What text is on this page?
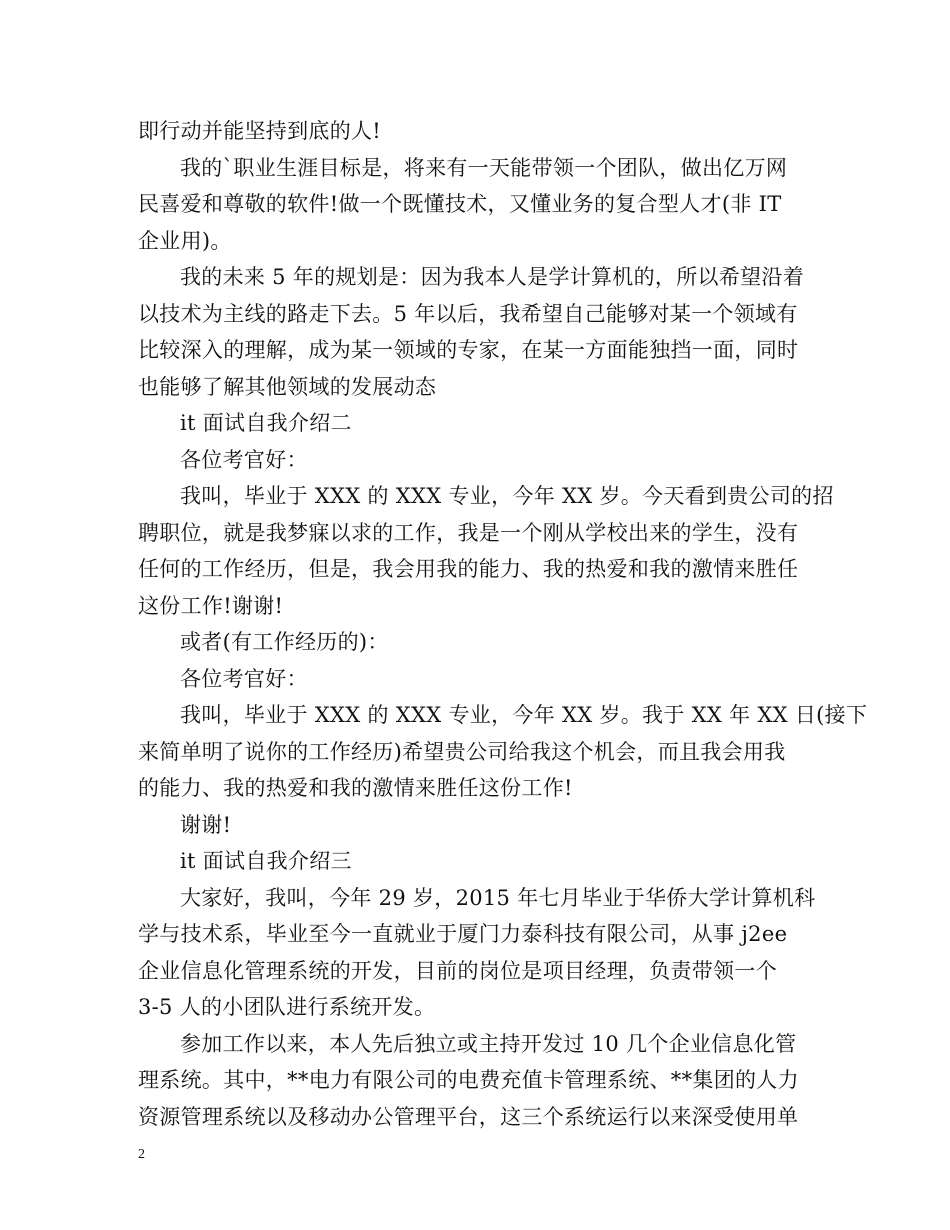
即行动并能坚持到底的人!
我的`职业生涯目标是，将来有一天能带领一个团队，做出亿万网
民喜爱和尊敬的软件!做一个既懂技术，又懂业务的复合型人才(非 IT
企业用)。
我的未来 5 年的规划是：因为我本人是学计算机的，所以希望沿着
以技术为主线的路走下去。5 年以后，我希望自己能够对某一个领域有
比较深入的理解，成为某一领域的专家，在某一方面能独挡一面，同时
也能够了解其他领域的发展动态
it 面试自我介绍二
各位考官好：
我叫，毕业于 XXX 的 XXX 专业，今年 XX 岁。今天看到贵公司的招
聘职位，就是我梦寐以求的工作，我是一个刚从学校出来的学生，没有
任何的工作经历，但是，我会用我的能力、我的热爱和我的激情来胜任
这份工作!谢谢!
或者(有工作经历的)：
各位考官好：
我叫，毕业于 XXX 的 XXX 专业，今年 XX 岁。我于 XX 年 XX 日(接下
来简单明了说你的工作经历)希望贵公司给我这个机会，而且我会用我
的能力、我的热爱和我的激情来胜任这份工作!
谢谢!
it 面试自我介绍三
大家好，我叫，今年 29 岁，2015 年七月毕业于华侨大学计算机科
学与技术系，毕业至今一直就业于厦门力泰科技有限公司，从事 j2ee
企业信息化管理系统的开发，目前的岗位是项目经理，负责带领一个
3-5 人的小团队进行系统开发。
参加工作以来，本人先后独立或主持开发过 10 几个企业信息化管
理系统。其中，**电力有限公司的电费充值卡管理系统、**集团的人力
资源管理系统以及移动办公管理平台，这三个系统运行以来深受使用单
2
